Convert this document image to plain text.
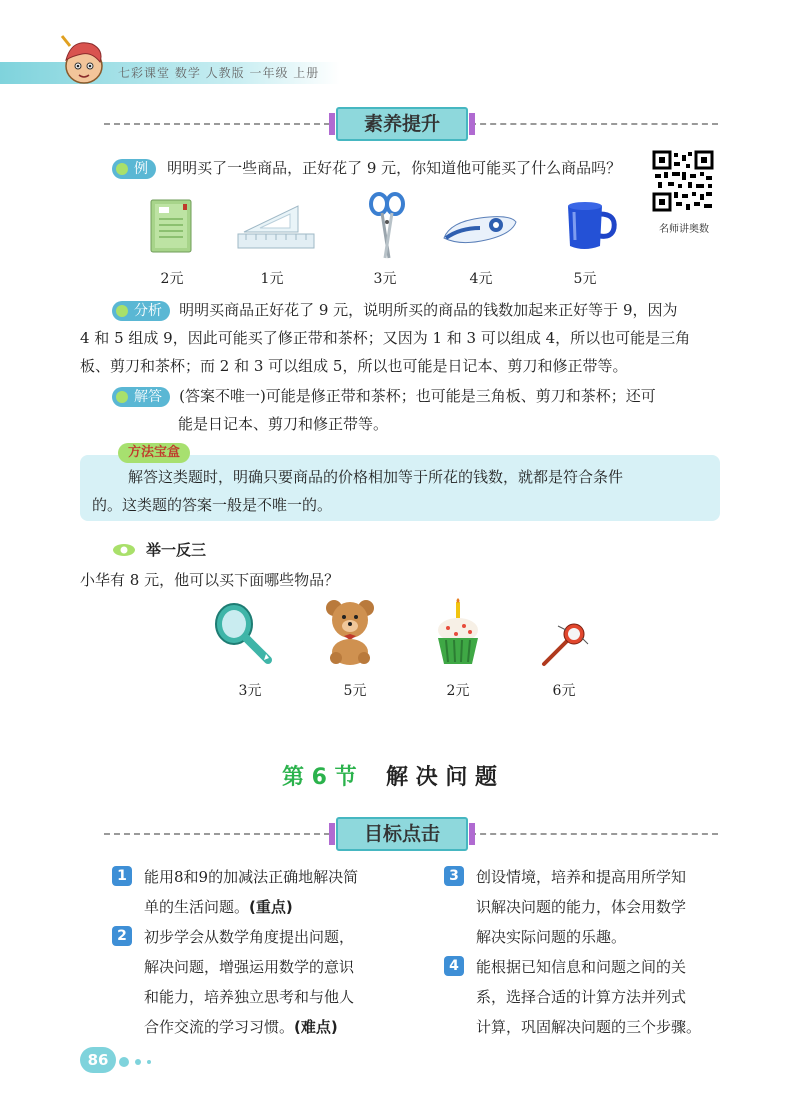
七彩课堂 数学 人教版 一年级 上册
素养提升
例 明明买了一些商品，正好花了 9 元，你知道他可能买了什么商品吗？
名师讲奥数
2元	1元	3元	4元	5元
分析 明明买商品正好花了 9 元，说明所买的商品的钱数加起来正好等于 9，因为
4 和 5 组成 9，因此可能买了修正带和茶杯；又因为 1 和 3 可以组成 4，所以也可能是三角
板、剪刀和茶杯；而 2 和 3 可以组成 5，所以也可能是日记本、剪刀和修正带等。
解答 (答案不唯一)可能是修正带和茶杯；也可能是三角板、剪刀和茶杯；还可
能是日记本、剪刀和修正带等。
方法宝盒
解答这类题时，明确只要商品的价格相加等于所花的钱数，就都是符合条件
的。这类题的答案一般是不唯一的。
举一反三
小华有 8 元，他可以买下面哪些物品？
3元	5元	2元	6元
第 6 节 解 决 问 题
目标点击
1	能用8和9的加减法正确地解决简
单的生活问题。(重点)
2	初步学会从数学角度提出问题，
解决问题，增强运用数学的意识
和能力，培养独立思考和与他人
合作交流的学习习惯。(难点)
3	创设情境，培养和提高用所学知
识解决问题的能力，体会用数学
解决实际问题的乐趣。
4	能根据已知信息和问题之间的关
系，选择合适的计算方法并列式
计算，巩固解决问题的三个步骤。
86
